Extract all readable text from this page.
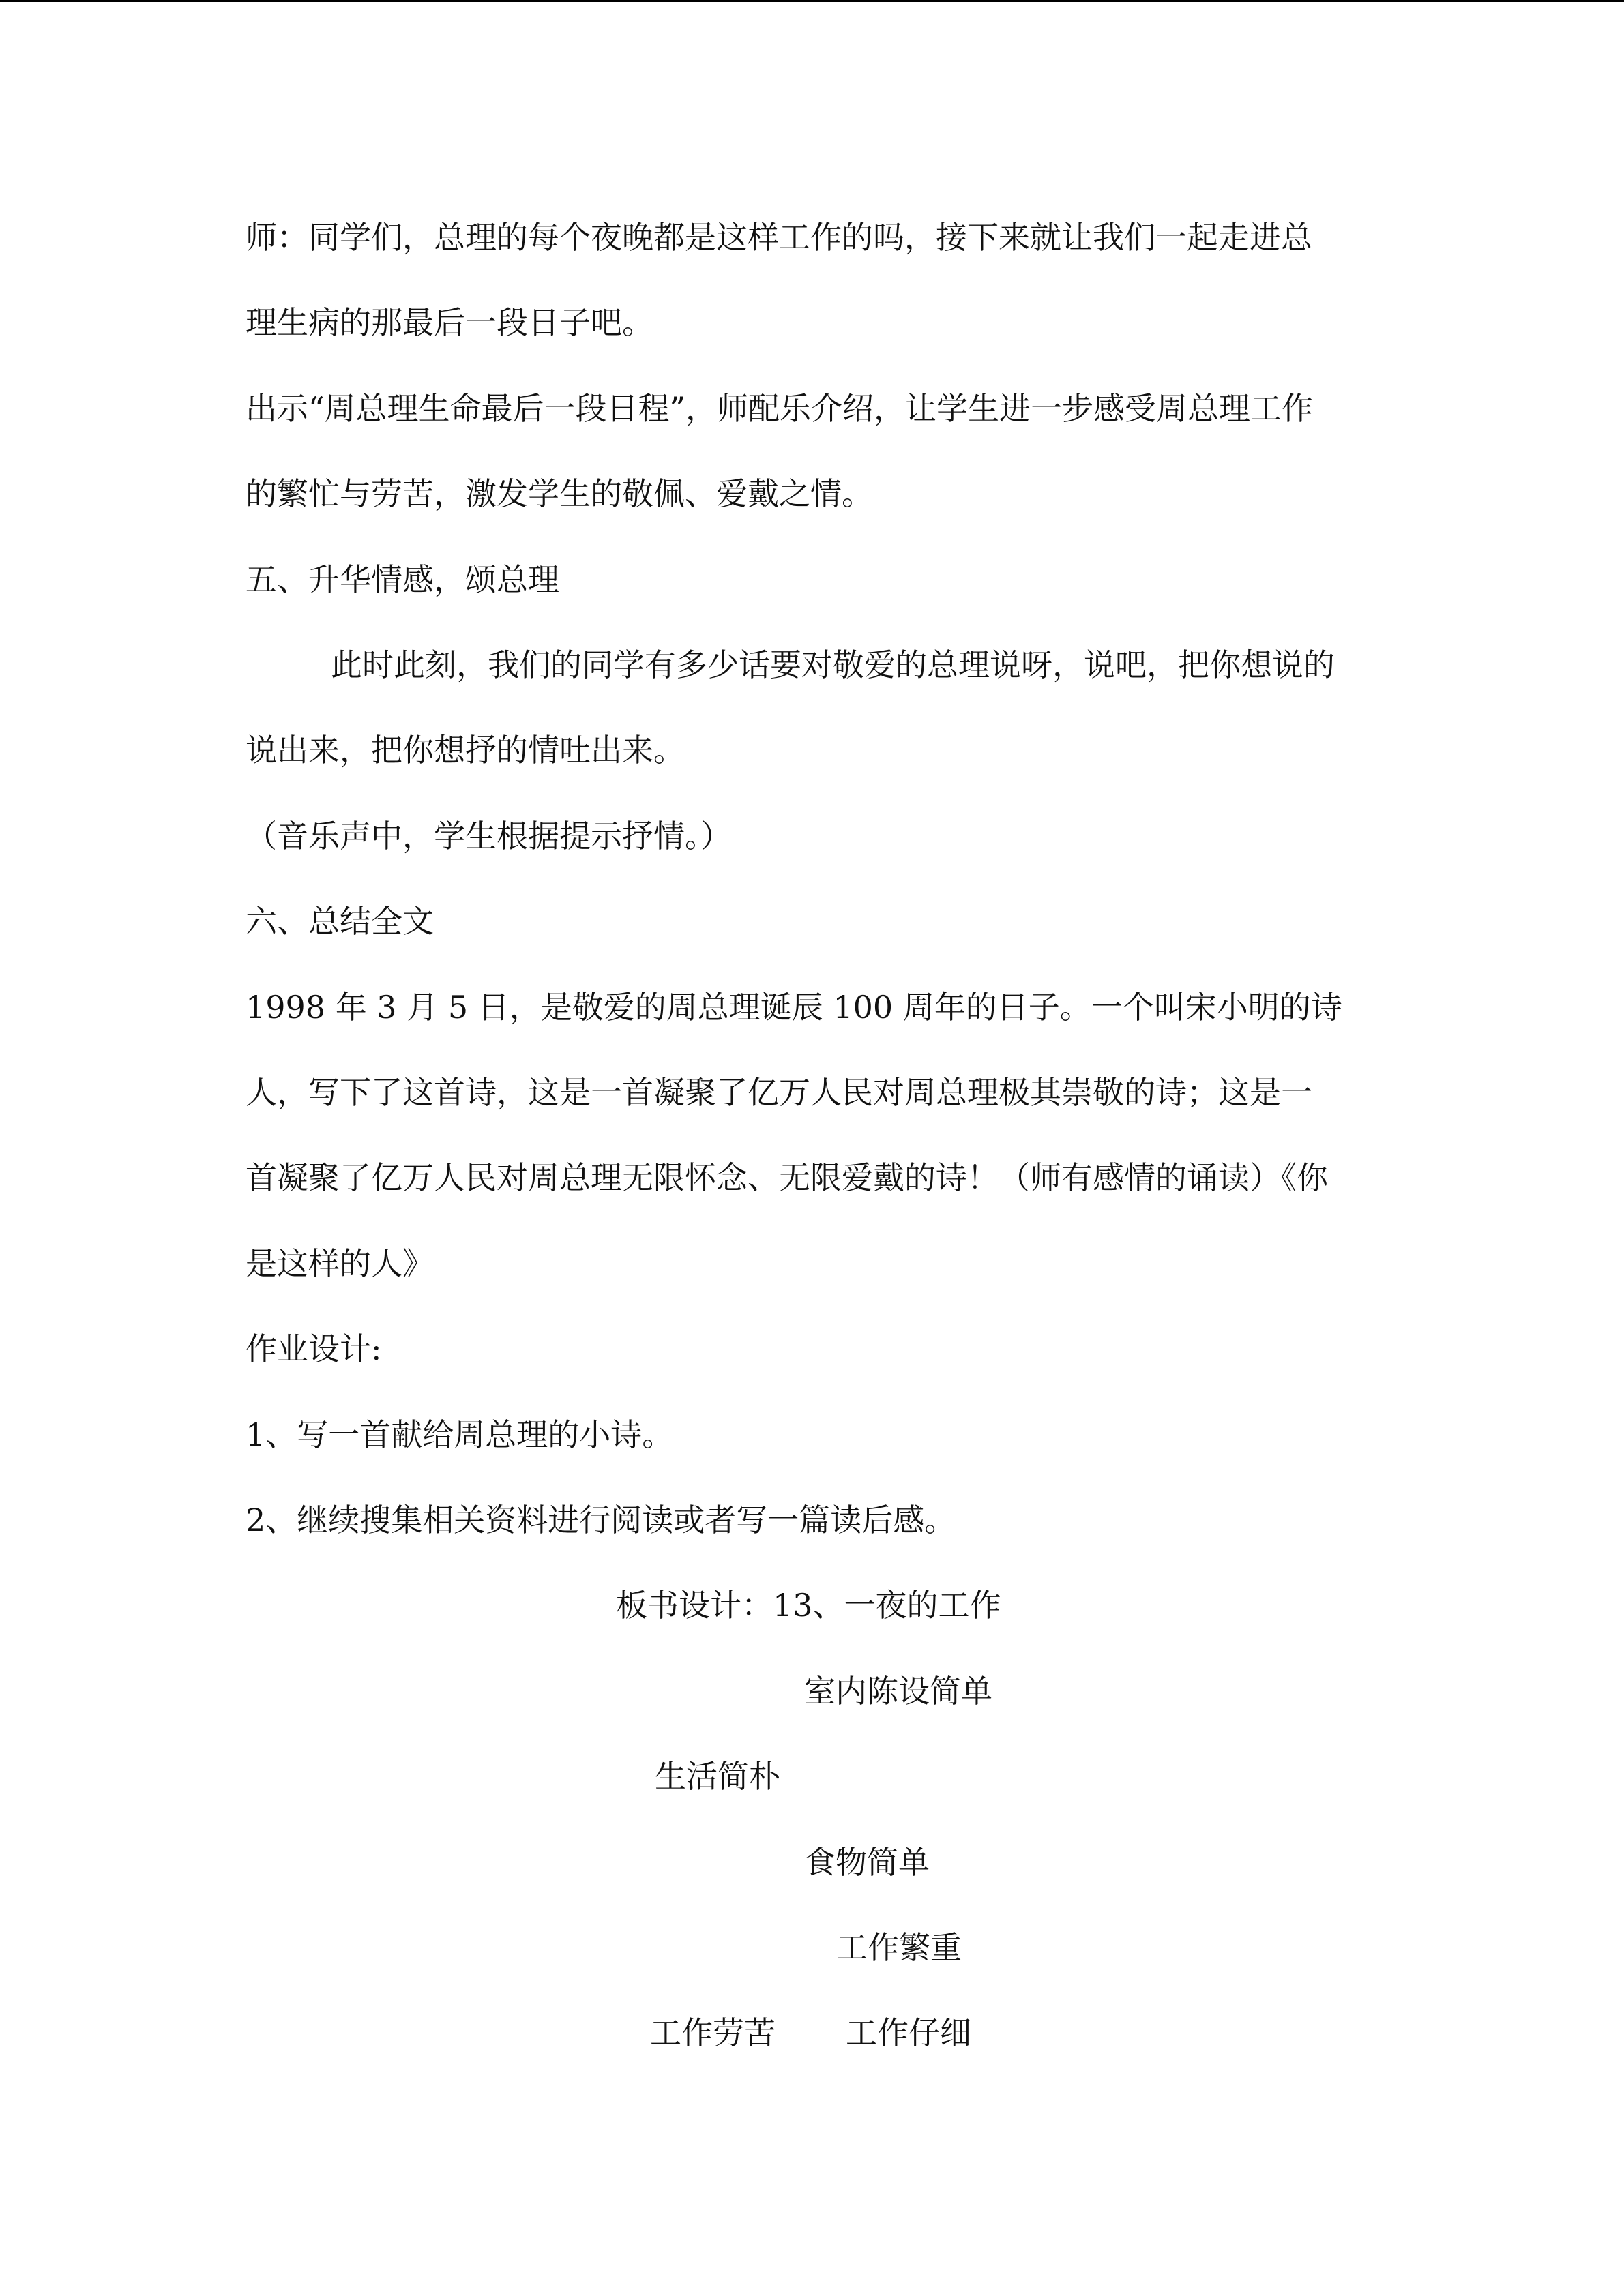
师：同学们，总理的每个夜晚都是这样工作的吗，接下来就让我们一起走进总
理生病的那最后一段日子吧。
出示“周总理生命最后一段日程”，师配乐介绍，让学生进一步感受周总理工作
的繁忙与劳苦，激发学生的敬佩、爱戴之情。
五、升华情感，颂总理
此时此刻，我们的同学有多少话要对敬爱的总理说呀，说吧，把你想说的
说出来，把你想抒的情吐出来。
（音乐声中，学生根据提示抒情。）
六、总结全文
1998 年 3 月 5 日，是敬爱的周总理诞辰 100 周年的日子。一个叫宋小明的诗
人，写下了这首诗，这是一首凝聚了亿万人民对周总理极其崇敬的诗；这是一
首凝聚了亿万人民对周总理无限怀念、无限爱戴的诗！（师有感情的诵读）《你
是这样的人》
作业设计:
1、写一首献给周总理的小诗。
2、继续搜集相关资料进行阅读或者写一篇读后感。
板书设计：13、一夜的工作
室内陈设简单
生活简朴
食物简单
工作繁重
工作劳苦 工作仔细
